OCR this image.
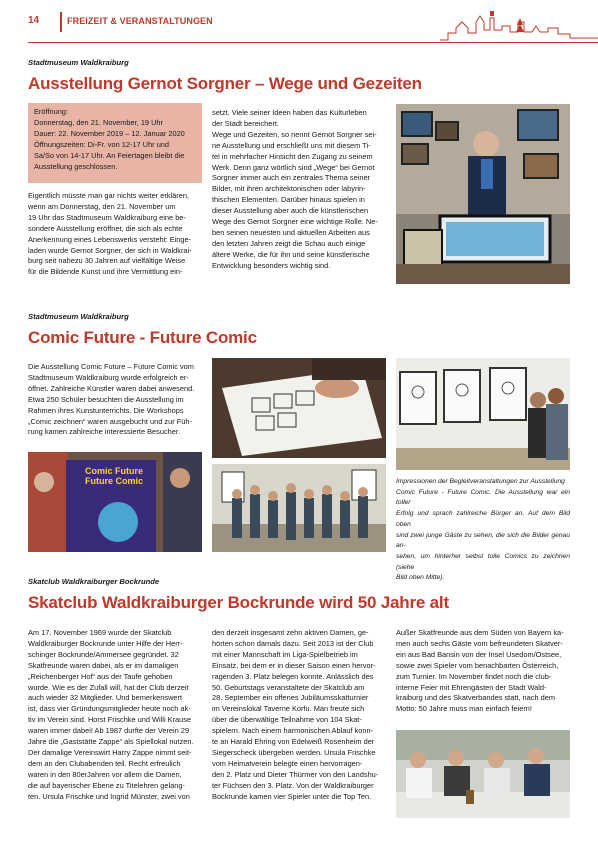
14	FREIZEIT & VERANSTALTUNGEN
Stadtmuseum Waldkraiburg
Ausstellung Gernot Sorgner – Wege und Gezeiten

Eröffnung:

Donnerstag, den 21. November, 19 Uhr

Dauer: 22. November 2019 – 12. Januar 2020

Öffnungszeiten: Di-Fr. von 12-17 Uhr und

Sa/So von 14-17 Uhr. An Feiertagen bleibt die

Ausstellung geschlossen.

Eigentlich müsste man gar nichts weiter erklären,

wenn am Donnerstag, den 21. November um

19 Uhr das Stadtmuseum Waldkraiburg eine be-

sondere Ausstellung eröffnet, die sich als echte

Anerkennung eines Lebenswerks versteht: Einge-

laden wurde Gernot Sorgner, der sich in Waldkrai-

burg seit nahezu 30 Jahren auf vielfältige Weise

für die Bildende Kunst und ihre Vermittlung ein-

setzt. Viele seiner Ideen haben das Kulturleben

der Stadt bereichert.

Wege und Gezeiten, so nennt Gernot Sorgner sei-

ne Ausstellung und erschließt uns mit diesem Ti-

tel in mehrfacher Hinsicht den Zugang zu seinem

Werk. Denn ganz wörtlich sind „Wege“ bei Gernot

Sorgner immer auch ein zentrales Thema seiner

Bilder, mit ihren architektonischen oder labyrin-

thischen Elementen. Darüber hinaus spielen in

dieser Ausstellung aber auch die künstlerischen

Wege des Gernot Sorgner eine wichtige Rolle. Ne-

ben seinen neuesten und aktuellen Arbeiten aus

den letzten Jahren zeigt die Schau auch einige

ältere Werke, die für ihn und seine künstlerische

Entwicklung besonders wichtig sind.

Stadtmuseum Waldkraiburg
Comic Future - Future Comic

Die Ausstellung Comic Future – Future Comic vom

Stadtmuseum Waldkraiburg wurde erfolgreich er-

öffnet. Zahlreiche Künstler waren dabei anwesend.

Etwa 250 Schüler besuchten die Ausstellung im

Rahmen ihres Kunstunterrichts. Die Workshops

„Comic zeichnen“ waren ausgebucht und zur Füh-

rung kamen zahlreiche interessierte Besucher.

Comic Future
Future Comic	Impressionen der Begleitveranstaltungen zur Ausstellung

Comic Future - Future Comic. Die Ausstellung war ein toller

Erfolg und sprach zahlreiche Bürger an. Auf dem Bild oben

sind zwei junge Gäste zu sehen, die sich die Bilder genau an-

sehen, um hinterher selbst tolle Comics zu zeichnen (siehe

Bild oben Mitte).

Skatclub Waldkraiburger Bockrunde
Skatclub Waldkraiburger Bockrunde wird 50 Jahre alt

Am 17. November 1969 wurde der Skatclub

Waldkraiburger Bockrunde unter Hilfe der Herr-

schinger Bockrunde/Ammersee gegründet. 32

Skatfreunde waren dabei, als er im damaligen

„Reichenberger Hof“ aus der Taufe gehoben

wurde. Wie es der Zufall will, hat der Club derzeit

auch wieder 32 Mitglieder. Und bemerkenswert

ist, dass vier Gründungsmitglieder heute noch ak-

tiv im Verein sind. Horst Frischke und Willi Krause

waren immer dabei! Ab 1987 durfte der Verein 29

Jahre die „Gaststätte Zappe“ als Spiellokal nutzen.

Der damalige Vereinswirt Harry Zappe nimmt seit-

dem an den Clubabenden teil. Recht erfreulich

waren in den 80erJahren vor allem die Damen,

die auf bayerischer Ebene zu Titelehren gelang-

ten. Ursula Frischke und Ingrid Münster, zwei von

den derzeit insgesamt zehn aktiven Damen, ge-

hörten schon damals dazu. Seit 2013 ist der Club

mit einer Mannschaft im Liga-Spielbetrieb im

Einsatz, bei dem er in dieser Saison einen hervor-

ragenden 3. Platz belegen konnte. Anlässlich des

50. Geburtstags veranstaltete der Skatclub am

28. September ein offenes Jubiläumsskatturnier

im Vereinslokal Taverne Korfu. Man freute sich

über die überwältige Teilnahme von 104 Skat-

spielern. Nach einem harmonischen Ablauf konn-

te an Harald Ehring von Edelweiß Rosenheim der

Siegerscheck übergeben werden. Ursula Frischke

vom Heimatverein belegte einen hervorragen-

den 2. Platz und Dieter Thürmer von den Landshu-

ter Füchsen den 3. Platz. Von der Waldkraiburger

Bockrunde kamen vier Spieler unter die Top Ten.

Außer Skatfreunde aus dem Süden von Bayern ka-

men auch sechs Gäste vom befreundeten Skatver-

ein aus Bad Bansin von der Insel Usedom/Ostsee,

sowie zwei Spieler vom benachbarten Österreich,

zum Turnier. Im November findet noch die club-

interne Feier mit Ehrengästen der Stadt Wald-

kraiburg und des Skatverbandes statt, nach dem

Motto: 50 Jahre muss man einfach feiern!
